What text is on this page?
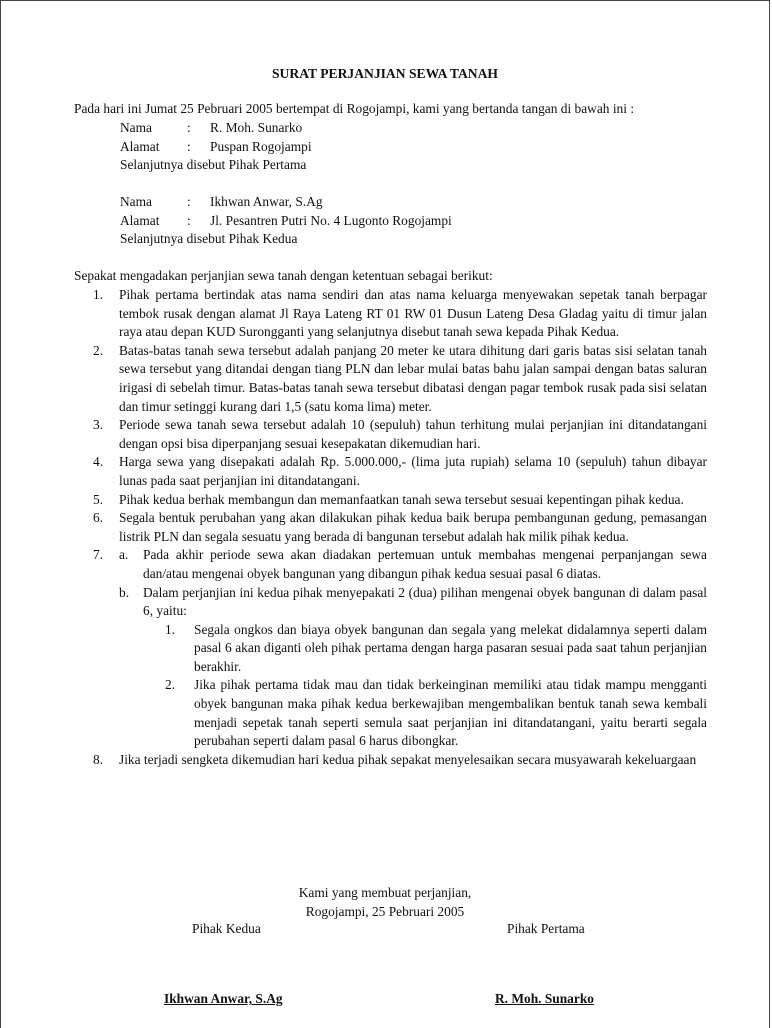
SURAT PERJANJIAN SEWA TANAH
Pada hari ini Jumat 25 Pebruari 2005 bertempat di Rogojampi, kami yang bertanda tangan di bawah ini :
Nama	:	R. Moh. Sunarko
Alamat	:	Puspan Rogojampi
Selanjutnya disebut Pihak Pertama
Nama	:	Ikhwan Anwar, S.Ag
Alamat	:	Jl. Pesantren Putri No. 4 Lugonto Rogojampi
Selanjutnya disebut Pihak Kedua
Sepakat mengadakan perjanjian sewa tanah dengan ketentuan sebagai berikut:
1.	Pihak pertama bertindak atas nama sendiri dan atas nama keluarga menyewakan sepetak tanah berpagar tembok rusak dengan alamat Jl Raya Lateng RT 01 RW 01 Dusun Lateng Desa Gladag yaitu di timur jalan raya atau depan KUD Surongganti yang selanjutnya disebut tanah sewa kepada Pihak Kedua.
2.	Batas-batas tanah sewa tersebut adalah panjang 20 meter ke utara dihitung dari garis batas sisi selatan tanah sewa tersebut yang ditandai dengan tiang PLN dan lebar mulai batas bahu jalan sampai dengan batas saluran irigasi di sebelah timur. Batas-batas tanah sewa tersebut dibatasi dengan pagar tembok rusak pada sisi selatan dan timur setinggi kurang dari 1,5 (satu koma lima) meter.
3.	Periode sewa tanah sewa tersebut adalah 10 (sepuluh) tahun terhitung mulai perjanjian ini ditandatangani dengan opsi bisa diperpanjang sesuai kesepakatan dikemudian hari.
4.	Harga sewa yang disepakati adalah Rp. 5.000.000,- (lima juta rupiah) selama 10 (sepuluh) tahun dibayar lunas pada saat perjanjian ini ditandatangani.
5.	Pihak kedua berhak membangun dan memanfaatkan tanah sewa tersebut sesuai kepentingan pihak kedua.
6.	Segala bentuk perubahan yang akan dilakukan pihak kedua baik berupa pembangunan gedung, pemasangan listrik PLN dan segala sesuatu yang berada di bangunan tersebut adalah hak milik pihak kedua.
7.	a.	Pada akhir periode sewa akan diadakan pertemuan untuk membahas mengenai perpanjangan sewa dan/atau mengenai obyek bangunan yang dibangun pihak kedua sesuai pasal 6 diatas.
b.	Dalam perjanjian ini kedua pihak menyepakati 2 (dua) pilihan mengenai obyek bangunan di dalam pasal 6, yaitu:
1.	Segala ongkos dan biaya obyek bangunan dan segala yang melekat didalamnya seperti dalam pasal 6 akan diganti oleh pihak pertama dengan harga pasaran sesuai pada saat tahun perjanjian berakhir.
2.	Jika pihak pertama tidak mau dan tidak berkeinginan memiliki atau tidak mampu mengganti obyek bangunan maka pihak kedua berkewajiban mengembalikan bentuk tanah sewa kembali menjadi sepetak tanah seperti semula saat perjanjian ini ditandatangani, yaitu berarti segala perubahan seperti dalam pasal 6 harus dibongkar.
8.	Jika terjadi sengketa dikemudian hari kedua pihak sepakat menyelesaikan secara musyawarah kekeluargaan
Kami yang membuat perjanjian,
Rogojampi, 25 Pebruari 2005
Pihak Kedua	Pihak Pertama
Ikhwan Anwar, S.Ag	R. Moh. Sunarko
